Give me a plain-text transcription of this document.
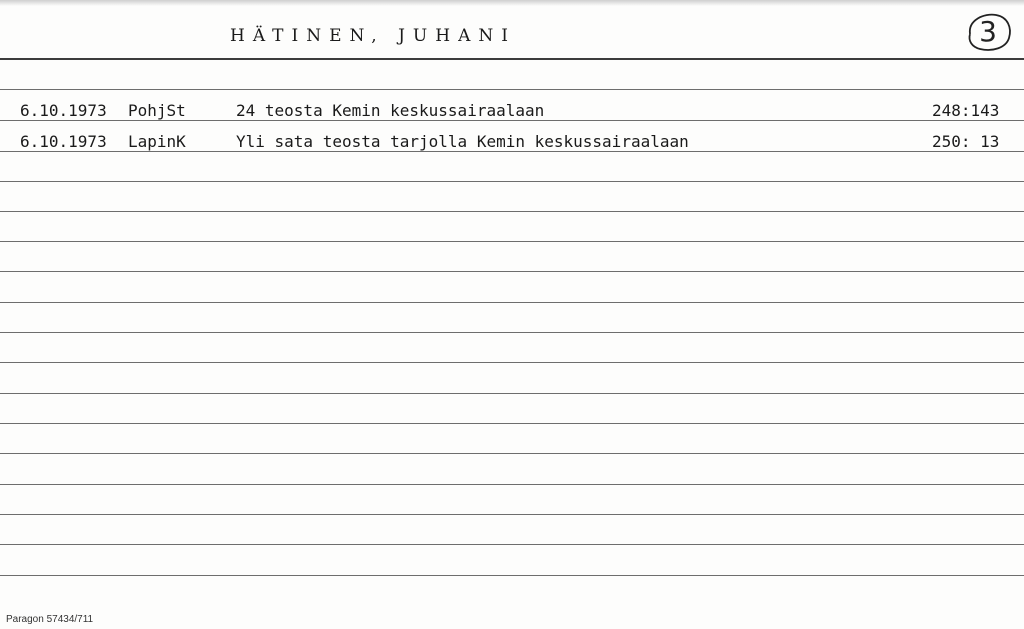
HÄTINEN, JUHANI	3
6.10.1973 PohjSt	24 teosta Kemin keskussairaalaan	248:143
6.10.1973 LapinK	Yli sata teosta tarjolla Kemin keskussairaalaan	250: 13
Paragon 57434/711
